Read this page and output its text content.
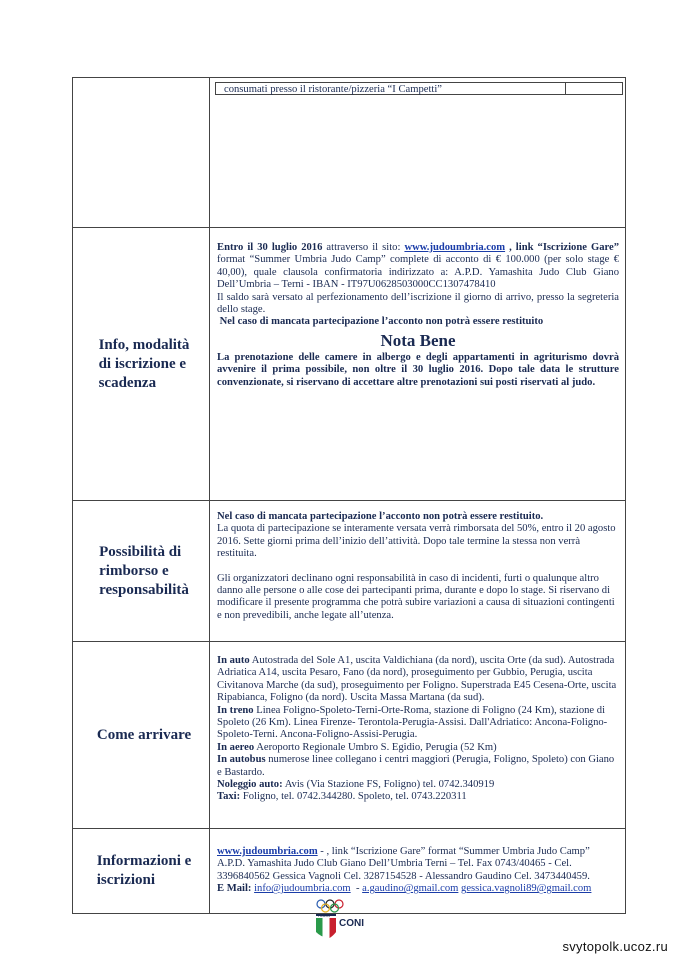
consumati presso il ristorante/pizzeria “I Campetti”
Info, modalità
di iscrizione e
scadenza

Entro il 30 luglio 2016 attraverso il sito: www.judoumbria.com , link “Iscrizione Gare” format “Summer Umbria Judo Camp” complete di acconto di € 100.000 (per solo stage € 40,00), quale clausola confirmatoria indirizzato a: A.P.D. Yamashita Judo Club Giano Dell’Umbria – Terni - IBAN - IT97U0628503000CC1307478410

Il saldo sarà versato al perfezionamento dell’iscrizione il giorno di arrivo, presso la segreteria dello stage.

Nel caso di mancata partecipazione l’acconto non potrà essere restituito

Nota Bene

La prenotazione delle camere in albergo e degli appartamenti in agriturismo dovrà avvenire il prima possibile, non oltre il 30 luglio 2016. Dopo tale data le strutture convenzionate, si riservano di accettare altre prenotazioni sui posti riservati al judo.

Possibilità di
rimborso e
responsabilità

Nel caso di mancata partecipazione l’acconto non potrà essere restituito.

La quota di partecipazione se interamente versata verrà rimborsata del 50%, entro il 20 agosto 2016. Sette giorni prima dell’inizio dell’attività. Dopo tale termine la stessa non verrà restituita.

Gli organizzatori declinano ogni responsabilità in caso di incidenti, furti o qualunque altro danno alle persone o alle cose dei partecipanti prima, durante e dopo lo stage. Si riservano di modificare il presente programma che potrà subire variazioni a causa di situazioni contingenti e non prevedibili, anche legate all’utenza.

Come arrivare

In auto Autostrada del Sole A1, uscita Valdichiana (da nord), uscita Orte (da sud). Autostrada Adriatica A14, uscita Pesaro, Fano (da nord), proseguimento per Gubbio, Perugia, uscita Civitanova Marche (da sud), proseguimento per Foligno. Superstrada E45 Cesena-Orte, uscita Ripabianca, Foligno (da nord). Uscita Massa Martana (da sud).

In treno Linea Foligno-Spoleto-Terni-Orte-Roma, stazione di Foligno (24 Km), stazione di Spoleto (26 Km). Linea Firenze- Terontola-Perugia-Assisi. Dall'Adriatico: Ancona-Foligno-Spoleto-Terni. Ancona-Foligno-Assisi-Perugia.

In aereo Aeroporto Regionale Umbro S. Egidio, Perugia (52 Km)

In autobus numerose linee collegano i centri maggiori (Perugia, Foligno, Spoleto) con Giano e Bastardo.

Noleggio auto: Avis (Via Stazione FS, Foligno) tel. 0742.340919

Taxi: Foligno, tel. 0742.344280. Spoleto, tel. 0743.220311

Informazioni e
iscrizioni

www.judoumbria.com - , link “Iscrizione Gare” format “Summer Umbria Judo Camp”

A.P.D. Yamashita Judo Club Giano Dell’Umbria Terni – Tel. Fax 0743/40465 - Cel. 3396840562 Gessica Vagnoli Cel. 3287154528 - Alessandro Gaudino Cel. 3473440459.

E Mail: info@judoumbria.com  - a.gaudino@gmail.com gessica.vagnoli89@gmail.com

ITALIA
CONI
svytopolk.ucoz.ru
